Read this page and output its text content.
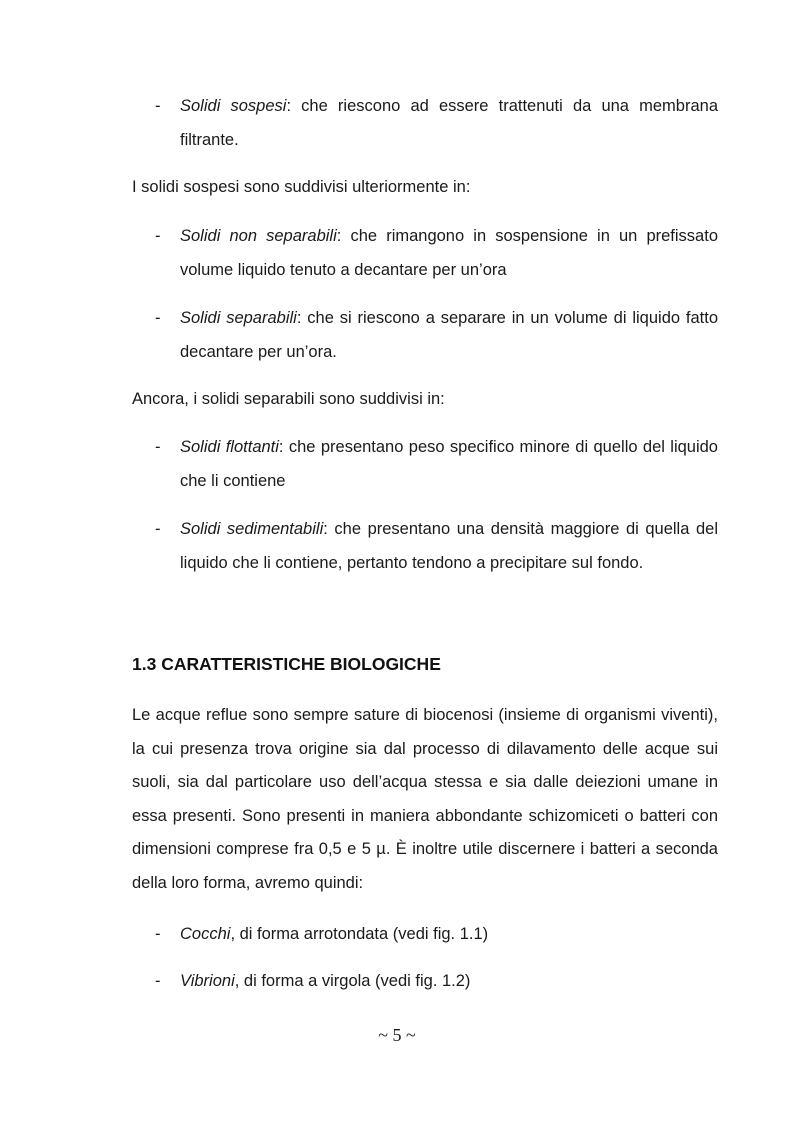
- Solidi sospesi: che riescono ad essere trattenuti da una membrana filtrante.
I solidi sospesi sono suddivisi ulteriormente in:
- Solidi non separabili: che rimangono in sospensione in un prefissato volume liquido tenuto a decantare per un’ora
- Solidi separabili: che si riescono a separare in un volume di liquido fatto decantare per un’ora.
Ancora, i solidi separabili sono suddivisi in:
- Solidi flottanti: che presentano peso specifico minore di quello del liquido che li contiene
- Solidi sedimentabili: che presentano una densità maggiore di quella del liquido che li contiene, pertanto tendono a precipitare sul fondo.
1.3 CARATTERISTICHE BIOLOGICHE
Le acque reflue sono sempre sature di biocenosi (insieme di organismi viventi), la cui presenza trova origine sia dal processo di dilavamento delle acque sui suoli, sia dal particolare uso dell’acqua stessa e sia dalle deiezioni umane in essa presenti. Sono presenti in maniera abbondante schizomiceti o batteri con dimensioni comprese fra 0,5 e 5 µ. È inoltre utile discernere i batteri a seconda della loro forma, avremo quindi:
- Cocchi, di forma arrotondata (vedi fig. 1.1)
- Vibrioni, di forma a virgola (vedi fig. 1.2)
~ 5 ~
